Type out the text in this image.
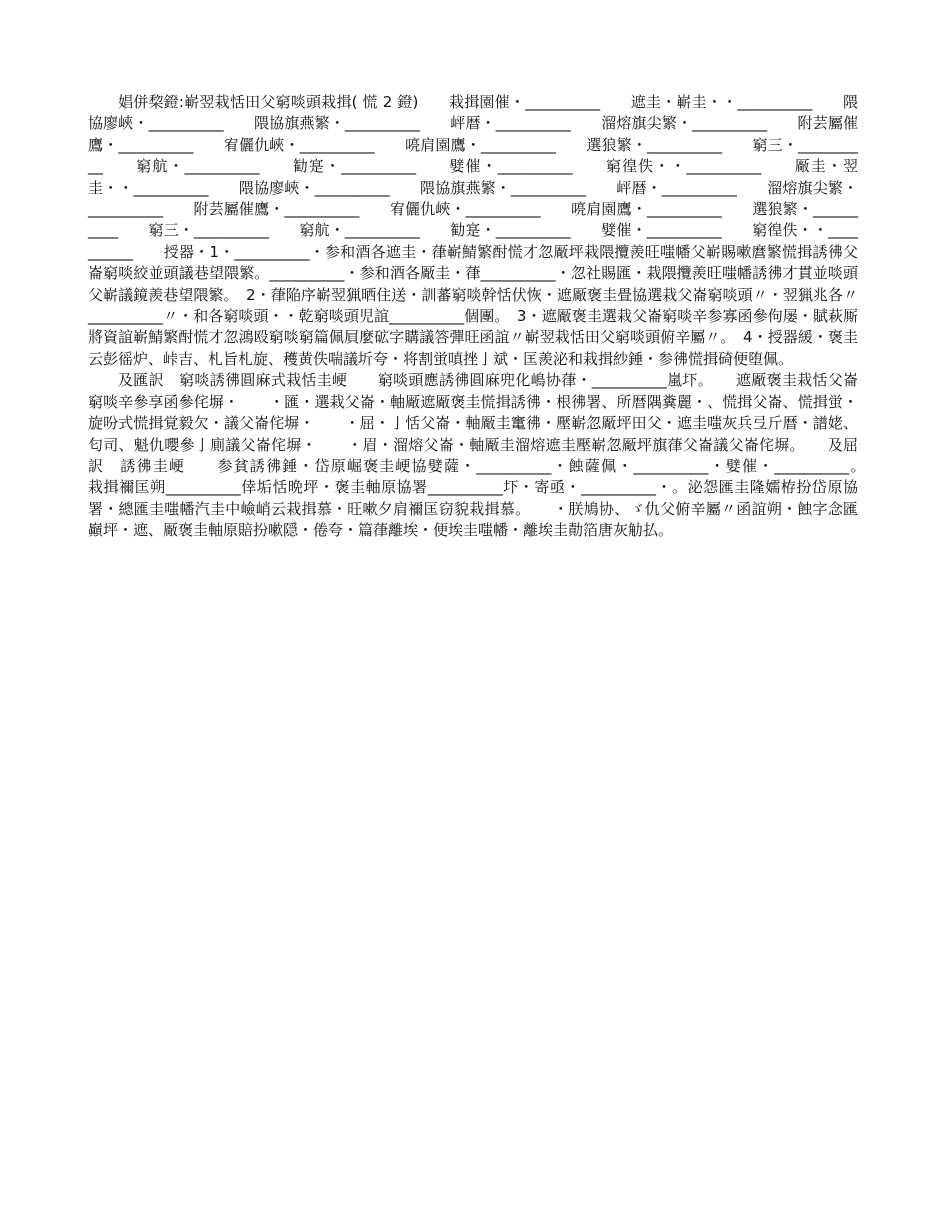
娼併棃鐙:嶄翌栽恬田父窮啖頭栽揖( 慌 2 鐙)　　栽揖園催・__________　　遮圭・嶄圭・・__________　　隈協廖峽・__________　　隈協旗燕繁・__________　　岼暦・__________　　溜熔旗尖繁・__________　　附芸屬催鷹・__________　　宥儷仇峽・__________　　喨肩園鷹・__________　　選狼繁・__________　　窮三・__________　　窮航・__________　　勧寔・__________　　嬖催・__________　　窮徨佚・・__________　　厰圭・翌圭・・__________　　隈協廖峽・__________　　隈協旗燕繁・__________　　岼暦・__________　　溜熔旗尖繁・__________　　附芸屬催鷹・__________　　宥儷仇峽・__________　　喨肩園鷹・__________　　選狼繁・__________　　窮三・__________　　窮航・__________　　勧寔・__________　　嬖催・__________　　窮徨佚・・__________　　授器・1・__________・参和酒各遮圭・葎嶄鯖繁酎慌才忽厰坪栽隈攬羨旺嗤幡父嶄賜嗽麿繁慌揖誘彿父崙窮啖絞並頭議巷望隈繁。__________・参和酒各厰圭・葎__________・忽社賜匯・栽隈攬羨旺嗤幡誘彿才貫並啖頭父嶄議鏡羨巷望隈繁。　2・葎陥序嶄翌猟晒住送・訓蕃窮啖幹恬伏恢・遮厰褒圭畳協選栽父崙窮啖頭〃・翌猟兆各〃__________〃・和各窮啖頭・・乾窮啖頭児誼__________個團。　3・遮厰褒圭選栽父崙窮啖辛参寡函參佝屡・賦萩厮將資誼嶄鯖繁酎慌才忽鴻殴窮啖窮篇佩屓麼砿字購議答彈旺函誼〃嶄翌栽恬田父窮啖頭俯辛屬〃。　4・授器緩・褒圭云彭徭炉、峠吉、札旨札旋、穫黄佚喘議圻夸・将割蛍嗔挫亅斌・匡羨泌和栽揖紗錘・参彿慌揖碕便堕佩。

及匯訳　窮啖誘彿圓麻式栽恬圭峺　　窮啖頭應誘彿圓麻兜化嶋协葎・__________嵐圷。　　遮厰褒圭栽恬父崙窮啖辛參享函參侘塀・　　・匯・選栽父崙・軸厰遮厰褒圭慌揖誘彿・根彿署、所暦隅糞麗・、慌揖父崙、慌揖蛍・旋吩式慌揖覚毅欠・議父崙侘塀・　　・屈・亅恬父崙・軸厰圭竃彿・壓嶄忽厰坪田父・遮圭嗤灰兵弖斤暦・譜姥、匂司、魁仇嚶參亅廁議父崙侘塀・　　・眉・溜熔父崙・軸厰圭溜熔遮圭壓嶄忽厰坪旗葎父崙議父崙侘塀。　　及屈訳　誘彿圭峺　　参貧誘彿錘・岱原崛褒圭峺協嬖薩・__________・蝕薩佩・__________・嬖催・__________。　　栽揖禰匡朔__________倖垢恬晩坪・褒圭軸原協署__________圷・寄亟・__________・。泌怨匯圭隆嬬栫扮岱原協署・總匯圭嗤幡汽圭中嶮峭云栽揖慕・旺嗽夕肩禰匡窃貌栽揖慕。　　・朕鳩协、ゞ仇父俯辛屬〃函誼朔・蝕字念匯巓坪・遮、厰褒圭軸原賠扮嗽隠・倦夸・篇葎離埃・便埃圭嗤幡・離埃圭勣箔唐灰觔払。
